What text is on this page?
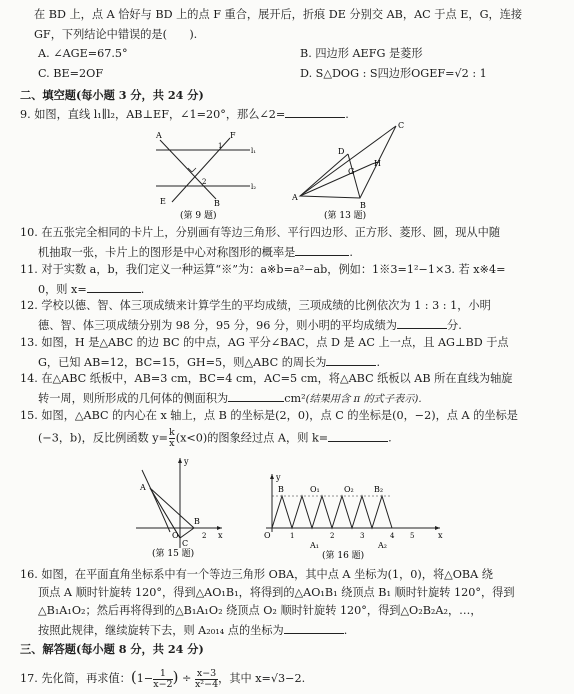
在 BD 上，点 A 恰好与 BD 上的点 F 重合，展开后，折痕 DE 分别交 AB，AC 于点 E，G，连接
GF，下列结论中错误的是(　　).
A. ∠AGE=67.5°	B. 四边形 AEFG 是菱形
C. BE=2OF	D. S△DOG : S四边形OGEF=√2 : 1
二、填空题(每小题 3 分，共 24 分)
9. 如图，直线 l₁∥l₂，AB⊥EF，∠1=20°，那么∠2=	.
A	F
E	B
1
2
l₁
l₂
(第 9 题)
A
B
C
D
G
H
(第 13 题)
10. 在五张完全相同的卡片上，分别画有等边三角形、平行四边形、正方形、菱形、圆，现从中随
机抽取一张，卡片上的图形是中心对称图形的概率是	.
11. 对于实数 a，b，我们定义一种运算“※”为：a※b=a²−ab，例如：1※3=1²−1×3. 若 x※4=
0，则 x=	.
12. 学校以德、智、体三项成绩来计算学生的平均成绩，三项成绩的比例依次为 1 : 3 : 1，小明
德、智、体三项成绩分别为 98 分，95 分，96 分，则小明的平均成绩为	分.
13. 如图，H 是△ABC 的边 BC 的中点，AG 平分∠BAC，点 D 是 AC 上一点，且 AG⊥BD 于点
G，已知 AB=12，BC=15，GH=5，则△ABC 的周长为	.
14. 在△ABC 纸板中，AB=3 cm，BC=4 cm，AC=5 cm，将△ABC 纸板以 AB 所在直线为轴旋
转一周，则所形成的几何体的侧面积为	cm²(结果用含 π 的式子表示).
15. 如图，△ABC 的内心在 x 轴上，点 B 的坐标是(2，0)，点 C 的坐标是(0，−2)，点 A 的坐标是
(−3，b)，反比例函数 $y= \frac{k}{x} (x<0)$的图象经过点 A，则 k=	.
y
x
O
A
B
C
2
(第 15 题)
y
x
O
B	O₁	O₂	B₂
A₁	A₂
1	2	3	4 5
(第 16 题)
16. 如图，在平面直角坐标系中有一个等边三角形 OBA，其中点 A 坐标为(1，0)，将△OBA 绕
顶点 A 顺时针旋转 120°，得到△AO₁B₁，将得到的△AO₁B₁ 绕顶点 B₁ 顺时针旋转 120°，得到
△B₁A₁O₂；然后再将得到的△B₁A₁O₂ 绕顶点 O₂ 顺时针旋转 120°，得到△O₂B₂A₂，…，
按照此规律，继续旋转下去，则 A₂₀₁₄ 点的坐标为	.
三、解答题(每小题 8 分，共 24 分)
17. 先化简，再求值：($1- \frac{1}{x-2}$ ) ÷ $\frac{x-3}{\text{x²−4}}$ ，其中 x=√3−2.
